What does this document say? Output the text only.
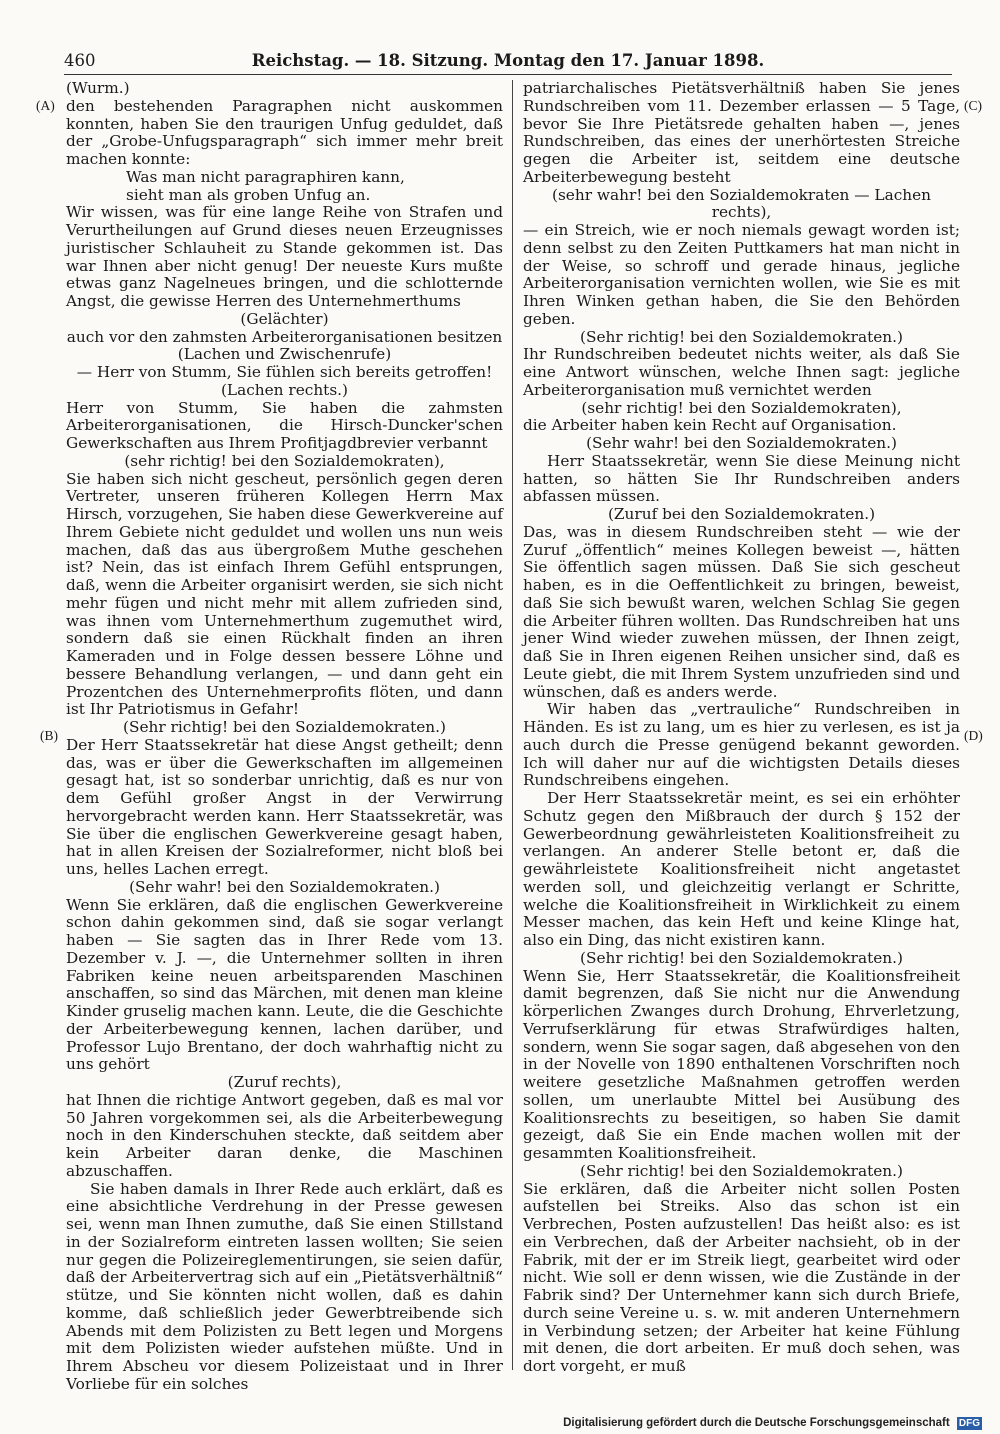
460	Reichstag. — 18. Sitzung. Montag den 17. Januar 1898.
(A)
(B)
(C)
(D)

(Wurm.)

den bestehenden Paragraphen nicht auskommen konnten, haben Sie den traurigen Unfug geduldet, daß der „Grobe-Unfugsparagraph“ sich immer mehr breit machen konnte:

Was man nicht paragraphiren kann,

sieht man als groben Unfug an.

Wir wissen, was für eine lange Reihe von Strafen und Verurtheilungen auf Grund dieses neuen Erzeugnisses juristischer Schlauheit zu Stande gekommen ist. Das war Ihnen aber nicht genug! Der neueste Kurs mußte etwas ganz Nagelneues bringen, und die schlotternde Angst, die gewisse Herren des Unternehmerthums

(Gelächter)

auch vor den zahmsten Arbeiterorganisationen besitzen

(Lachen und Zwischenrufe)

— Herr von Stumm, Sie fühlen sich bereits getroffen!

(Lachen rechts.)

Herr von Stumm, Sie haben die zahmsten Arbeiterorganisationen, die Hirsch-Duncker'schen Gewerkschaften aus Ihrem Profitjagdbrevier verbannt

(sehr richtig! bei den Sozialdemokraten),

Sie haben sich nicht gescheut, persönlich gegen deren Vertreter, unseren früheren Kollegen Herrn Max Hirsch, vorzugehen, Sie haben diese Gewerkvereine auf Ihrem Gebiete nicht geduldet und wollen uns nun weis machen, daß das aus übergroßem Muthe geschehen ist? Nein, das ist einfach Ihrem Gefühl entsprungen, daß, wenn die Arbeiter organisirt werden, sie sich nicht mehr fügen und nicht mehr mit allem zufrieden sind, was ihnen vom Unternehmerthum zugemuthet wird, sondern daß sie einen Rückhalt finden an ihren Kameraden und in Folge dessen bessere Löhne und bessere Behandlung verlangen, — und dann geht ein Prozentchen des Unternehmerprofits flöten, und dann ist Ihr Patriotismus in Gefahr!

(Sehr richtig! bei den Sozialdemokraten.)

Der Herr Staatssekretär hat diese Angst getheilt; denn das, was er über die Gewerkschaften im allgemeinen gesagt hat, ist so sonderbar unrichtig, daß es nur von dem Gefühl großer Angst in der Verwirrung hervorgebracht werden kann. Herr Staatssekretär, was Sie über die englischen Gewerkvereine gesagt haben, hat in allen Kreisen der Sozialreformer, nicht bloß bei uns, helles Lachen erregt.

(Sehr wahr! bei den Sozialdemokraten.)

Wenn Sie erklären, daß die englischen Gewerkvereine schon dahin gekommen sind, daß sie sogar verlangt haben — Sie sagten das in Ihrer Rede vom 13. Dezember v. J. —, die Unternehmer sollten in ihren Fabriken keine neuen arbeitsparenden Maschinen anschaffen, so sind das Märchen, mit denen man kleine Kinder gruselig machen kann. Leute, die die Geschichte der Arbeiterbewegung kennen, lachen darüber, und Professor Lujo Brentano, der doch wahrhaftig nicht zu uns gehört

(Zuruf rechts),

hat Ihnen die richtige Antwort gegeben, daß es mal vor 50 Jahren vorgekommen sei, als die Arbeiterbewegung noch in den Kinderschuhen steckte, daß seitdem aber kein Arbeiter daran denke, die Maschinen abzuschaffen.

Sie haben damals in Ihrer Rede auch erklärt, daß es eine absichtliche Verdrehung in der Presse gewesen sei, wenn man Ihnen zumuthe, daß Sie einen Stillstand in der Sozialreform eintreten lassen wollten; Sie seien nur gegen die Polizeireglementirungen, sie seien dafür, daß der Arbeitervertrag sich auf ein „Pietätsverhältniß“ stütze, und Sie könnten nicht wollen, daß es dahin komme, daß schließlich jeder Gewerbtreibende sich Abends mit dem Polizisten zu Bett legen und Morgens mit dem Polizisten wieder aufstehen müßte. Und in Ihrem Abscheu vor diesem Polizeistaat und in Ihrer Vorliebe für ein solches

patriarchalisches Pietätsverhältniß haben Sie jenes Rundschreiben vom 11. Dezember erlassen — 5 Tage, bevor Sie Ihre Pietätsrede gehalten haben —, jenes Rundschreiben, das eines der unerhörtesten Streiche gegen die Arbeiter ist, seitdem eine deutsche Arbeiterbewegung besteht

(sehr wahr! bei den Sozialdemokraten — Lachen rechts),

— ein Streich, wie er noch niemals gewagt worden ist; denn selbst zu den Zeiten Puttkamers hat man nicht in der Weise, so schroff und gerade hinaus, jegliche Arbeiterorganisation vernichten wollen, wie Sie es mit Ihren Winken gethan haben, die Sie den Behörden geben.

(Sehr richtig! bei den Sozialdemokraten.)

Ihr Rundschreiben bedeutet nichts weiter, als daß Sie eine Antwort wünschen, welche Ihnen sagt: jegliche Arbeiterorganisation muß vernichtet werden

(sehr richtig! bei den Sozialdemokraten),

die Arbeiter haben kein Recht auf Organisation.

(Sehr wahr! bei den Sozialdemokraten.)

Herr Staatssekretär, wenn Sie diese Meinung nicht hatten, so hätten Sie Ihr Rundschreiben anders abfassen müssen.

(Zuruf bei den Sozialdemokraten.)

Das, was in diesem Rundschreiben steht — wie der Zuruf „öffentlich“ meines Kollegen beweist —, hätten Sie öffentlich sagen müssen. Daß Sie sich gescheut haben, es in die Oeffentlichkeit zu bringen, beweist, daß Sie sich bewußt waren, welchen Schlag Sie gegen die Arbeiter führen wollten. Das Rundschreiben hat uns jener Wind wieder zuwehen müssen, der Ihnen zeigt, daß Sie in Ihren eigenen Reihen unsicher sind, daß es Leute giebt, die mit Ihrem System unzufrieden sind und wünschen, daß es anders werde.

Wir haben das „vertrauliche“ Rundschreiben in Händen. Es ist zu lang, um es hier zu verlesen, es ist ja auch durch die Presse genügend bekannt geworden. Ich will daher nur auf die wichtigsten Details dieses Rundschreibens eingehen.

Der Herr Staatssekretär meint, es sei ein erhöhter Schutz gegen den Mißbrauch der durch § 152 der Gewerbeordnung gewährleisteten Koalitionsfreiheit zu verlangen. An anderer Stelle betont er, daß die gewährleistete Koalitionsfreiheit nicht angetastet werden soll, und gleichzeitig verlangt er Schritte, welche die Koalitionsfreiheit in Wirklichkeit zu einem Messer machen, das kein Heft und keine Klinge hat, also ein Ding, das nicht existiren kann.

(Sehr richtig! bei den Sozialdemokraten.)

Wenn Sie, Herr Staatssekretär, die Koalitionsfreiheit damit begrenzen, daß Sie nicht nur die Anwendung körperlichen Zwanges durch Drohung, Ehrverletzung, Verrufserklärung für etwas Strafwürdiges halten, sondern, wenn Sie sogar sagen, daß abgesehen von den in der Novelle von 1890 enthaltenen Vorschriften noch weitere gesetzliche Maßnahmen getroffen werden sollen, um unerlaubte Mittel bei Ausübung des Koalitionsrechts zu beseitigen, so haben Sie damit gezeigt, daß Sie ein Ende machen wollen mit der gesammten Koalitionsfreiheit.

(Sehr richtig! bei den Sozialdemokraten.)

Sie erklären, daß die Arbeiter nicht sollen Posten aufstellen bei Streiks. Also das schon ist ein Verbrechen, Posten aufzustellen! Das heißt also: es ist ein Verbrechen, daß der Arbeiter nachsieht, ob in der Fabrik, mit der er im Streik liegt, gearbeitet wird oder nicht. Wie soll er denn wissen, wie die Zustände in der Fabrik sind? Der Unternehmer kann sich durch Briefe, durch seine Vereine u. s. w. mit anderen Unternehmern in Verbindung setzen; der Arbeiter hat keine Fühlung mit denen, die dort arbeiten. Er muß doch sehen, was dort vorgeht, er muß

Digitalisierung gefördert durch die Deutsche Forschungsgemeinschaft DFG
